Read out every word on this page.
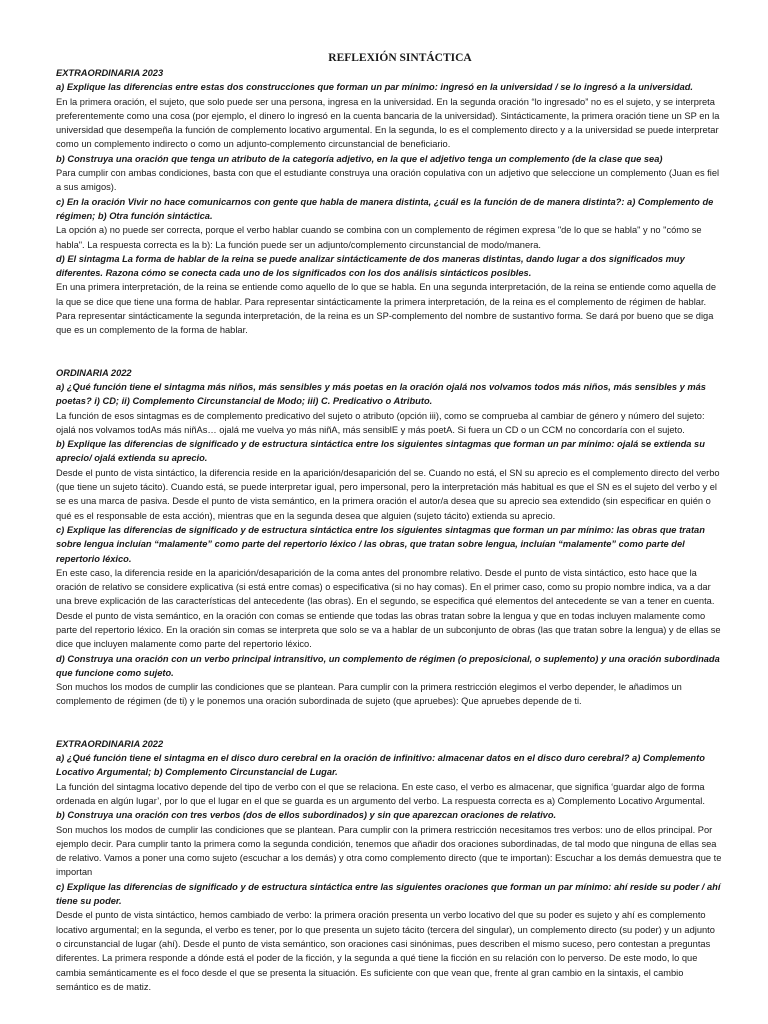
REFLEXIÓN SINTÁCTICA
EXTRAORDINARIA 2023
a) Explique las diferencias entre estas dos construcciones que forman un par mínimo: ingresó en la universidad / se lo ingresó a la universidad.
En la primera oración, el sujeto, que solo puede ser una persona, ingresa en la universidad. En la segunda oración “lo ingresado” no es el sujeto, y se interpreta preferentemente como una cosa (por ejemplo, el dinero lo ingresó en la cuenta bancaria de la universidad). Sintácticamente, la primera oración tiene un SP en la universidad que desempeña la función de complemento locativo argumental. En la segunda, lo es el complemento directo y a la universidad se puede interpretar como un complemento indirecto o como un adjunto-complemento circunstancial de beneficiario.
b) Construya una oración que tenga un atributo de la categoría adjetivo, en la que el adjetivo tenga un complemento (de la clase que sea)
Para cumplir con ambas condiciones, basta con que el estudiante construya una oración copulativa con un adjetivo que seleccione un complemento (Juan es fiel a sus amigos).
c) En la oración Vivir no hace comunicarnos con gente que habla de manera distinta, ¿cuál es la función de de manera distinta?: a) Complemento de régimen; b) Otra función sintáctica.
La opción a) no puede ser correcta, porque el verbo hablar cuando se combina con un complemento de régimen expresa "de lo que se habla" y no "cómo se habla". La respuesta correcta es la b): La función puede ser un adjunto/complemento circunstancial de modo/manera.
d) El sintagma La forma de hablar de la reina se puede analizar sintácticamente de dos maneras distintas, dando lugar a dos significados muy diferentes. Razona cómo se conecta cada uno de los significados con los dos análisis sintácticos posibles.
En una primera interpretación, de la reina se entiende como aquello de lo que se habla. En una segunda interpretación, de la reina se entiende como aquella de la que se dice que tiene una forma de hablar. Para representar sintácticamente la primera interpretación, de la reina es el complemento de régimen de hablar. Para representar sintácticamente la segunda interpretación, de la reina es un SP-complemento del nombre de sustantivo forma. Se dará por bueno que se diga que es un complemento de la forma de hablar.
ORDINARIA 2022
a) ¿Qué función tiene el sintagma más niños, más sensibles y más poetas en la oración ojalá nos volvamos todos más niños, más sensibles y más poetas? i) CD; ii) Complemento Circunstancial de Modo; iii) C. Predicativo o Atributo.
La función de esos sintagmas es de complemento predicativo del sujeto o atributo (opción iii), como se comprueba al cambiar de género y número del sujeto: ojalá nos volvamos todAs más niñAs… ojalá me vuelva yo más niñA, más sensiblE y más poetA. Si fuera un CD o un CCM no concordaría con el sujeto.
b) Explique las diferencias de significado y de estructura sintáctica entre los siguientes sintagmas que forman un par mínimo: ojalá se extienda su aprecio/ ojalá extienda su aprecio.
Desde el punto de vista sintáctico, la diferencia reside en la aparición/desaparición del se. Cuando no está, el SN su aprecio es el complemento directo del verbo (que tiene un sujeto tácito). Cuando está, se puede interpretar igual, pero impersonal, pero la interpretación más habitual es que el SN es el sujeto del verbo y el se es una marca de pasiva. Desde el punto de vista semántico, en la primera oración el autor/a desea que su aprecio sea extendido (sin especificar en quién o qué es el responsable de esta acción), mientras que en la segunda desea que alguien (sujeto tácito) extienda su aprecio.
c) Explique las diferencias de significado y de estructura sintáctica entre los siguientes sintagmas que forman un par mínimo: las obras que tratan sobre lengua incluían “malamente” como parte del repertorio léxico / las obras, que tratan sobre lengua, incluían “malamente” como parte del repertorio léxico.
En este caso, la diferencia reside en la aparición/desaparición de la coma antes del pronombre relativo. Desde el punto de vista sintáctico, esto hace que la oración de relativo se considere explicativa (si está entre comas) o especificativa (si no hay comas). En el primer caso, como su propio nombre indica, va a dar una breve explicación de las características del antecedente (las obras). En el segundo, se especifica qué elementos del antecedente se van a tener en cuenta. Desde el punto de vista semántico, en la oración con comas se entiende que todas las obras tratan sobre la lengua y que en todas incluyen malamente como parte del repertorio léxico. En la oración sin comas se interpreta que solo se va a hablar de un subconjunto de obras (las que tratan sobre la lengua) y de ellas se dice que incluyen malamente como parte del repertorio léxico.
d) Construya una oración con un verbo principal intransitivo, un complemento de régimen (o preposicional, o suplemento) y una oración subordinada que funcione como sujeto.
Son muchos los modos de cumplir las condiciones que se plantean. Para cumplir con la primera restricción elegimos el verbo depender, le añadimos un complemento de régimen (de ti) y le ponemos una oración subordinada de sujeto (que apruebes): Que apruebes depende de ti.
EXTRAORDINARIA 2022
a) ¿Qué función tiene el sintagma en el disco duro cerebral en la oración de infinitivo: almacenar datos en el disco duro cerebral? a) Complemento Locativo Argumental; b) Complemento Circunstancial de Lugar.
La función del sintagma locativo depende del tipo de verbo con el que se relaciona. En este caso, el verbo es almacenar, que significa ‘guardar algo de forma ordenada en algún lugar’, por lo que el lugar en el que se guarda es un argumento del verbo. La respuesta correcta es a) Complemento Locativo Argumental.
b) Construya una oración con tres verbos (dos de ellos subordinados) y sin que aparezcan oraciones de relativo.
Son muchos los modos de cumplir las condiciones que se plantean. Para cumplir con la primera restricción necesitamos tres verbos: uno de ellos principal. Por ejemplo decir. Para cumplir tanto la primera como la segunda condición, tenemos que añadir dos oraciones subordinadas, de tal modo que ninguna de ellas sea de relativo. Vamos a poner una como sujeto (escuchar a los demás) y otra como complemento directo (que te importan): Escuchar a los demás demuestra que te importan
c) Explique las diferencias de significado y de estructura sintáctica entre las siguientes oraciones que forman un par mínimo: ahí reside su poder / ahí tiene su poder.
Desde el punto de vista sintáctico, hemos cambiado de verbo: la primera oración presenta un verbo locativo del que su poder es sujeto y ahí es complemento locativo argumental; en la segunda, el verbo es tener, por lo que presenta un sujeto tácito (tercera del singular), un complemento directo (su poder) y un adjunto o circunstancial de lugar (ahí). Desde el punto de vista semántico, son oraciones casi sinónimas, pues describen el mismo suceso, pero contestan a preguntas diferentes. La primera responde a dónde está el poder de la ficción, y la segunda a qué tiene la ficción en su relación con lo perverso. De este modo, lo que cambia semánticamente es el foco desde el que se presenta la situación. Es suficiente con que vean que, frente al gran cambio en la sintaxis, el cambio semántico es de matiz.
